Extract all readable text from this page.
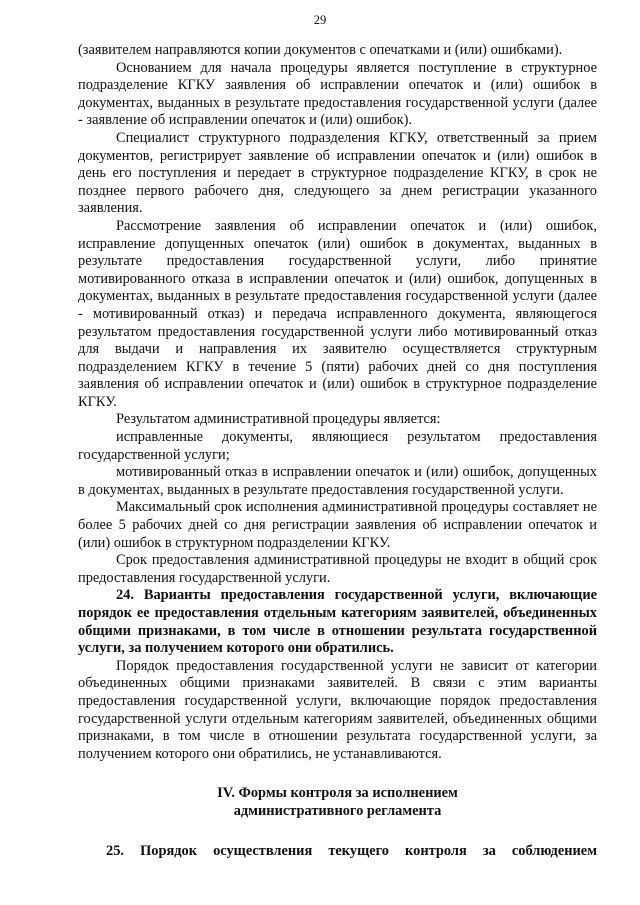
29

(заявителем направляются копии документов с опечатками и (или) ошибками).

Основанием для начала процедуры является поступление в структурное подразделение КГКУ заявления об исправлении опечаток и (или) ошибок в документах, выданных в результате предоставления государственной услуги (далее - заявление об исправлении опечаток и (или) ошибок).

Специалист структурного подразделения КГКУ, ответственный за прием документов, регистрирует заявление об исправлении опечаток и (или) ошибок в день его поступления и передает в структурное подразделение КГКУ, в срок не позднее первого рабочего дня, следующего за днем регистрации указанного заявления.

Рассмотрение заявления об исправлении опечаток и (или) ошибок, исправление допущенных опечаток (или) ошибок в документах, выданных в результате предоставления государственной услуги, либо принятие мотивированного отказа в исправлении опечаток и (или) ошибок, допущенных в документах, выданных в результате предоставления государственной услуги (далее - мотивированный отказ) и передача исправленного документа, являющегося результатом предоставления государственной услуги либо мотивированный отказ для выдачи и направления их заявителю осуществляется структурным подразделением КГКУ в течение 5 (пяти) рабочих дней со дня поступления заявления об исправлении опечаток и (или) ошибок в структурное подразделение КГКУ.

Результатом административной процедуры является:

исправленные документы, являющиеся результатом предоставления государственной услуги;

мотивированный отказ в исправлении опечаток и (или) ошибок, допущенных в документах, выданных в результате предоставления государственной услуги.

Максимальный срок исполнения административной процедуры составляет не более 5 рабочих дней со дня регистрации заявления об исправлении опечаток и (или) ошибок в структурном подразделении КГКУ.

Срок предоставления административной процедуры не входит в общий срок предоставления государственной услуги.

24. Варианты предоставления государственной услуги, включающие порядок ее предоставления отдельным категориям заявителей, объединенных общими признаками, в том числе в отношении результата государственной услуги, за получением которого они обратились.

Порядок предоставления государственной услуги не зависит от категории объединенных общими признаками заявителей. В связи с этим варианты предоставления государственной услуги, включающие порядок предоставления государственной услуги отдельным категориям заявителей, объединенных общими признаками, в том числе в отношении результата государственной услуги, за получением которого они обратились, не устанавливаются.

IV. Формы контроля за исполнением
административного регламента

25. Порядок осуществления текущего контроля за соблюдением
